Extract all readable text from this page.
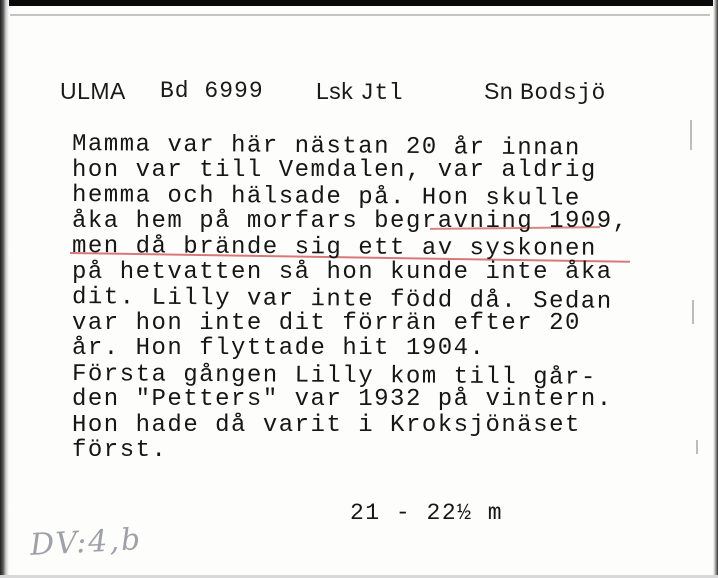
ULMA Bd 6999 Lsk Jtl	Sn Bodsjö
Mamma var här nästan 20 år innan
hon var till Vemdalen, var aldrig
hemma och hälsade på. Hon skulle
åka hem på morfars begravning 1909,
men då brände sig ett av syskonen
på hetvatten så hon kunde inte åka
dit. Lilly var inte född då. Sedan
var hon inte dit förrän efter 20
år. Hon flyttade hit 1904.
Första gången Lilly kom till går-
den "Petters" var 1932 på vintern.
Hon hade då varit i Kroksjönäset
först.
21 - 22½ m
DV:4,b
